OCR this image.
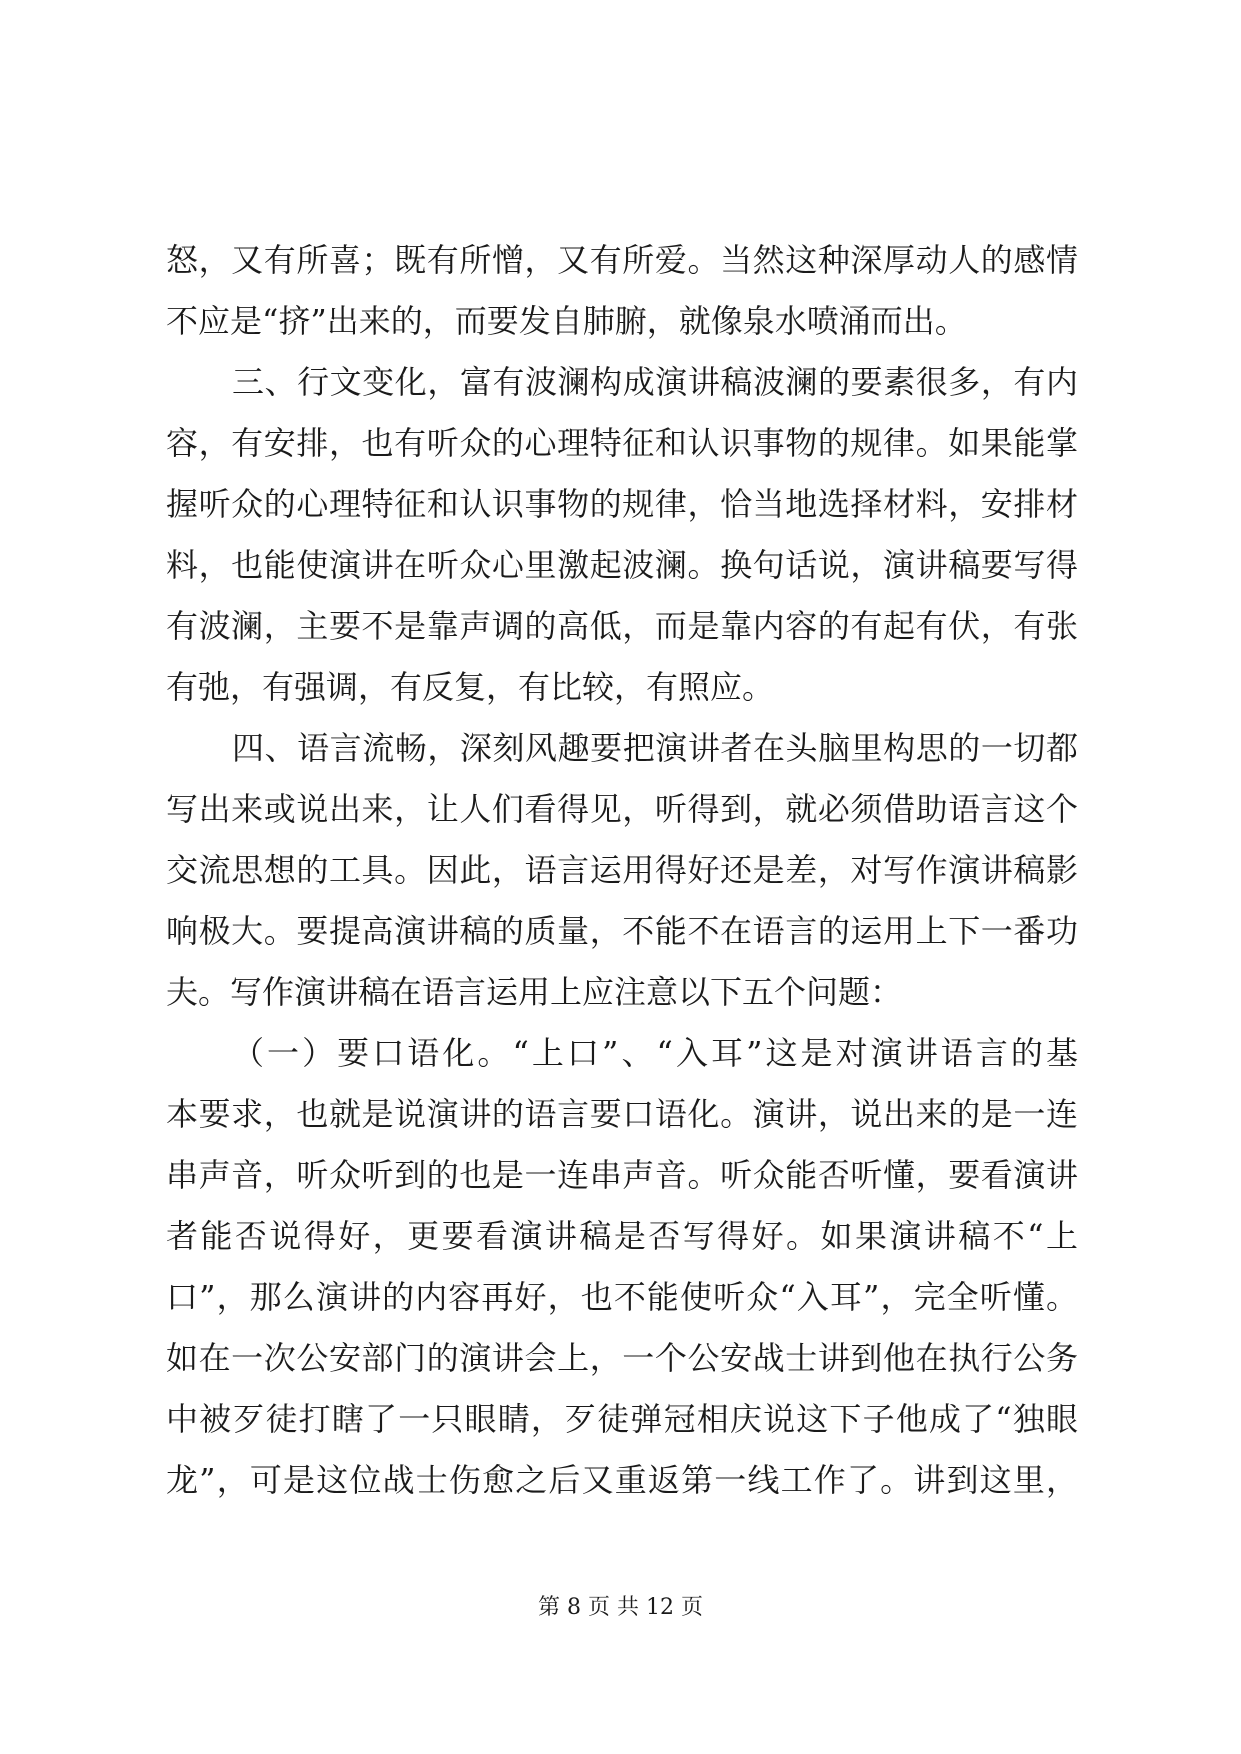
怒，又有所喜；既有所憎，又有所爱。当然这种深厚动人的感情
不应是“挤”出来的，而要发自肺腑，就像泉水喷涌而出。
三、行文变化，富有波澜构成演讲稿波澜的要素很多，有内
容，有安排，也有听众的心理特征和认识事物的规律。如果能掌
握听众的心理特征和认识事物的规律，恰当地选择材料，安排材
料，也能使演讲在听众心里激起波澜。换句话说，演讲稿要写得
有波澜，主要不是靠声调的高低，而是靠内容的有起有伏，有张
有弛，有强调，有反复，有比较，有照应。
四、语言流畅，深刻风趣要把演讲者在头脑里构思的一切都
写出来或说出来，让人们看得见，听得到，就必须借助语言这个
交流思想的工具。因此，语言运用得好还是差，对写作演讲稿影
响极大。要提高演讲稿的质量，不能不在语言的运用上下一番功
夫。写作演讲稿在语言运用上应注意以下五个问题：
（一）要口语化。“上口”、“入耳”这是对演讲语言的基
本要求，也就是说演讲的语言要口语化。演讲，说出来的是一连
串声音，听众听到的也是一连串声音。听众能否听懂，要看演讲
者能否说得好，更要看演讲稿是否写得好。如果演讲稿不“上
口”，那么演讲的内容再好，也不能使听众“入耳”，完全听懂。
如在一次公安部门的演讲会上，一个公安战士讲到他在执行公务
中被歹徒打瞎了一只眼睛，歹徒弹冠相庆说这下子他成了“独眼
龙”，可是这位战士伤愈之后又重返第一线工作了。讲到这里，
第 8 页 共 12 页
